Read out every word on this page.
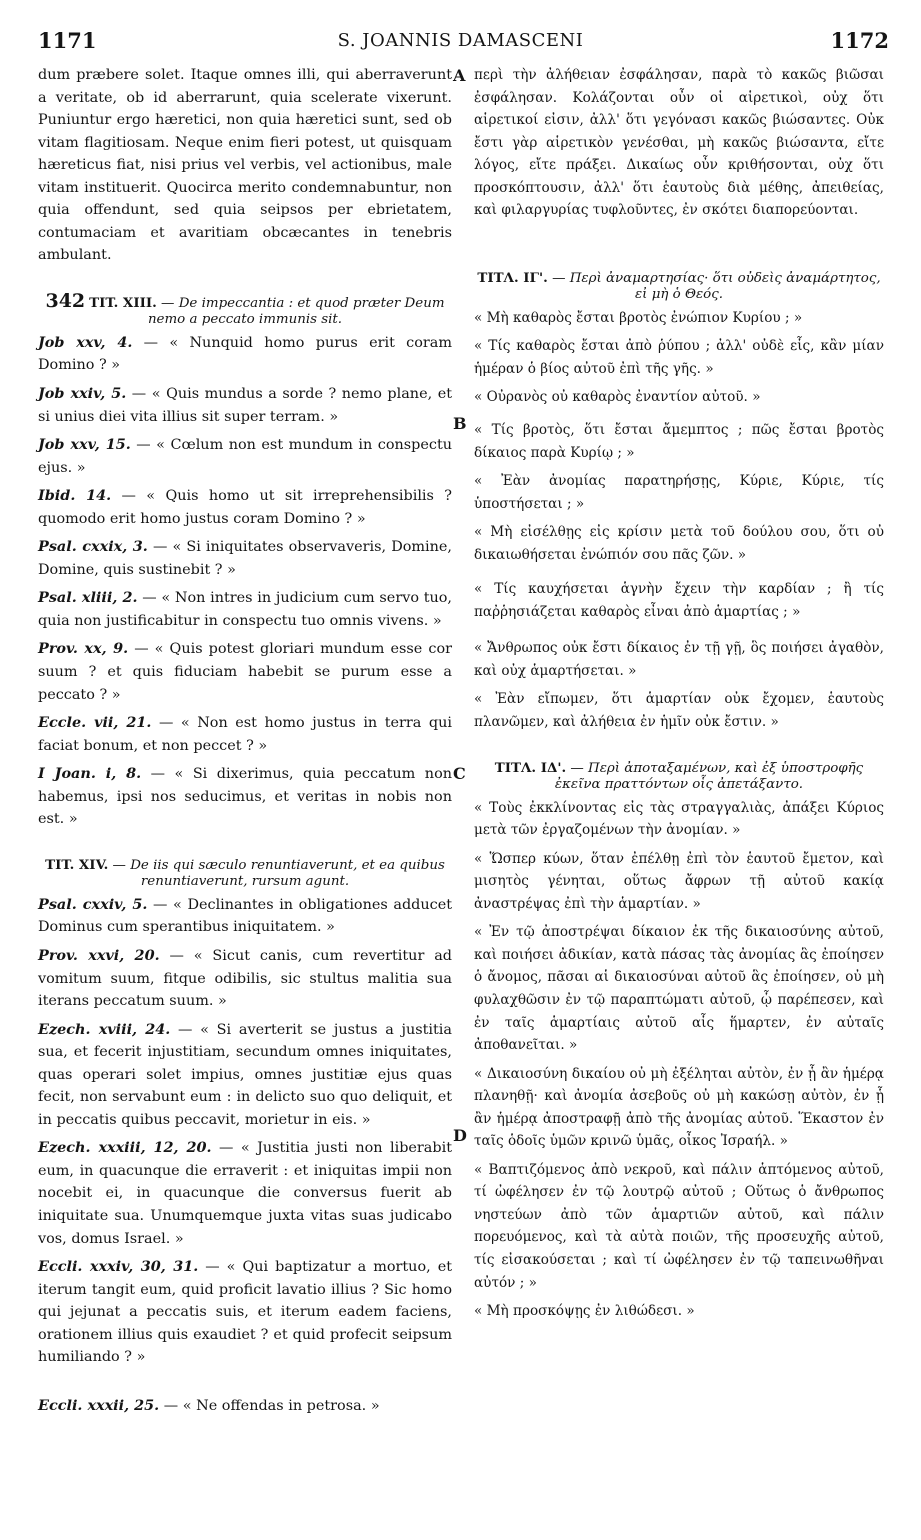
1171	S. JOANNIS DAMASCENI	1172
A
B
C
D

dum præbere solet. Itaque omnes illi, qui aberraverunt a veritate, ob id aberrarunt, quia scelerate vixerunt. Puniuntur ergo hæretici, non quia hæretici sunt, sed ob vitam flagitiosam. Neque enim fieri potest, ut quisquam hæreticus fiat, nisi prius vel verbis, vel actionibus, male vitam instituerit. Quocirca merito condemnabuntur, non quia offendunt, sed quia seipsos per ebrietatem, contumaciam et avaritiam obcæcantes in tenebris ambulant.

342 TIT. XIII. — De impeccantia : et quod præter Deum nemo a peccato immunis sit.

Job xxv, 4. — « Nunquid homo purus erit coram Domino ? »

Job xxiv, 5. — « Quis mundus a sorde ? nemo plane, et si unius diei vita illius sit super terram. »

Job xxv, 15. — « Cœlum non est mundum in conspectu ejus. »

Ibid. 14. — « Quis homo ut sit irreprehensibilis ? quomodo erit homo justus coram Domino ? »

Psal. cxxix, 3. — « Si iniquitates observaveris, Domine, Domine, quis sustinebit ? »

Psal. xliii, 2. — « Non intres in judicium cum servo tuo, quia non justificabitur in conspectu tuo omnis vivens. »

Prov. xx, 9. — « Quis potest gloriari mundum esse cor suum ? et quis fiduciam habebit se purum esse a peccato ? »

Eccle. vii, 21. — « Non est homo justus in terra qui faciat bonum, et non peccet ? »

I Joan. i, 8. — « Si dixerimus, quia peccatum non habemus, ipsi nos seducimus, et veritas in nobis non est. »

TIT. XIV. — De iis qui sæculo renuntiaverunt, et ea quibus renuntiaverunt, rursum agunt.

Psal. cxxiv, 5. — « Declinantes in obligationes adducet Dominus cum sperantibus iniquitatem. »

Prov. xxvi, 20. — « Sicut canis, cum revertitur ad vomitum suum, fitque odibilis, sic stultus malitia sua iterans peccatum suum. »

Ezech. xviii, 24. — « Si averterit se justus a justitia sua, et fecerit injustitiam, secundum omnes iniquitates, quas operari solet impius, omnes justitiæ ejus quas fecit, non servabunt eum : in delicto suo quo deliquit, et in peccatis quibus peccavit, morietur in eis. »

Ezech. xxxiii, 12, 20. — « Justitia justi non liberabit eum, in quacunque die erraverit : et iniquitas impii non nocebit ei, in quacunque die conversus fuerit ab iniquitate sua. Unumquemque juxta vitas suas judicabo vos, domus Israel. »

Eccli. xxxiv, 30, 31. — « Qui baptizatur a mortuo, et iterum tangit eum, quid proficit lavatio illius ? Sic homo qui jejunat a peccatis suis, et iterum eadem faciens, orationem illius quis exaudiet ? et quid profecit seipsum humiliando ? »

Eccli. xxxii, 25. — « Ne offendas in petrosa. »

περὶ τὴν ἀλήθειαν ἐσφάλησαν, παρὰ τὸ κακῶς βιῶσαι ἐσφάλησαν. Κολάζονται οὖν οἱ αἱρετικοὶ, οὐχ ὅτι αἱρετικοί εἰσιν, ἀλλ' ὅτι γεγόνασι κακῶς βιώσαντες. Οὐκ ἔστι γὰρ αἱρετικὸν γενέσθαι, μὴ κακῶς βιώσαντα, εἴτε λόγος, εἴτε πράξει. Δικαίως οὖν κριθήσονται, οὐχ ὅτι προσκόπτουσιν, ἀλλ' ὅτι ἑαυτοὺς διὰ μέθης, ἀπειθείας, καὶ φιλαργυρίας τυφλοῦντες, ἐν σκότει διαπορεύονται.

ΤΙΤΛ. ΙΓ'. — Περὶ ἀναμαρτησίας· ὅτι οὐδεὶς ἀναμάρτητος, εἰ μὴ ὁ Θεός.

« Μὴ καθαρὸς ἔσται βροτὸς ἐνώπιον Κυρίου ; »

« Τίς καθαρὸς ἔσται ἀπὸ ῥύπου ; ἀλλ' οὐδὲ εἷς, κἂν μίαν ἡμέραν ὁ βίος αὐτοῦ ἐπὶ τῆς γῆς. »

« Οὐρανὸς οὐ καθαρὸς ἐναντίον αὐτοῦ. »

« Τίς βροτὸς, ὅτι ἔσται ἄμεμπτος ; πῶς ἔσται βροτὸς δίκαιος παρὰ Κυρίῳ ; »

« Ἐὰν ἀνομίας παρατηρήσῃς, Κύριε, Κύριε, τίς ὑποστήσεται ; »

« Μὴ εἰσέλθῃς εἰς κρίσιν μετὰ τοῦ δούλου σου, ὅτι οὐ δικαιωθήσεται ἐνώπιόν σου πᾶς ζῶν. »

« Τίς καυχήσεται ἁγνὴν ἔχειν τὴν καρδίαν ; ἢ τίς παῤῥησιάζεται καθαρὸς εἶναι ἀπὸ ἁμαρτίας ; »

« Ἄνθρωπος οὐκ ἔστι δίκαιος ἐν τῇ γῇ, ὃς ποιήσει ἀγαθὸν, καὶ οὐχ ἁμαρτήσεται. »

« Ἐὰν εἴπωμεν, ὅτι ἁμαρτίαν οὐκ ἔχομεν, ἑαυτοὺς πλανῶμεν, καὶ ἀλήθεια ἐν ἡμῖν οὐκ ἔστιν. »

ΤΙΤΛ. ΙΔ'. — Περὶ ἀποταξαμένων, καὶ ἐξ ὑποστροφῆς ἐκεῖνα πραττόντων οἷς ἀπετάξαντο.

« Τοὺς ἐκκλίνοντας εἰς τὰς στραγγαλιὰς, ἀπάξει Κύριος μετὰ τῶν ἐργαζομένων τὴν ἀνομίαν. »

« Ὥσπερ κύων, ὅταν ἐπέλθῃ ἐπὶ τὸν ἑαυτοῦ ἔμετον, καὶ μισητὸς γένηται, οὕτως ἄφρων τῇ αὐτοῦ κακίᾳ ἀναστρέψας ἐπὶ τὴν ἁμαρτίαν. »

« Ἐν τῷ ἀποστρέψαι δίκαιον ἐκ τῆς δικαιοσύνης αὐτοῦ, καὶ ποιήσει ἀδικίαν, κατὰ πάσας τὰς ἀνομίας ἃς ἐποίησεν ὁ ἄνομος, πᾶσαι αἱ δικαιοσύναι αὐτοῦ ἃς ἐποίησεν, οὐ μὴ φυλαχθῶσιν ἐν τῷ παραπτώματι αὐτοῦ, ᾧ παρέπεσεν, καὶ ἐν ταῖς ἁμαρτίαις αὐτοῦ αἷς ἥμαρτεν, ἐν αὐταῖς ἀποθανεῖται. »

« Δικαιοσύνη δικαίου οὐ μὴ ἐξέληται αὐτὸν, ἐν ᾗ ἂν ἡμέρᾳ πλανηθῇ· καὶ ἀνομία ἀσεβοῦς οὐ μὴ κακώσῃ αὐτὸν, ἐν ᾗ ἂν ἡμέρᾳ ἀποστραφῇ ἀπὸ τῆς ἀνομίας αὐτοῦ. Ἕκαστον ἐν ταῖς ὁδοῖς ὑμῶν κρινῶ ὑμᾶς, οἶκος Ἰσραήλ. »

« Βαπτιζόμενος ἀπὸ νεκροῦ, καὶ πάλιν ἁπτόμενος αὐτοῦ, τί ὠφέλησεν ἐν τῷ λουτρῷ αὐτοῦ ; Οὕτως ὁ ἄνθρωπος νηστεύων ἀπὸ τῶν ἁμαρτιῶν αὐτοῦ, καὶ πάλιν πορευόμενος, καὶ τὰ αὐτὰ ποιῶν, τῆς προσευχῆς αὐτοῦ, τίς εἰσακούσεται ; καὶ τί ὠφέλησεν ἐν τῷ ταπεινωθῆναι αὐτόν ; »

« Μὴ προσκόψῃς ἐν λιθώδεσι. »
